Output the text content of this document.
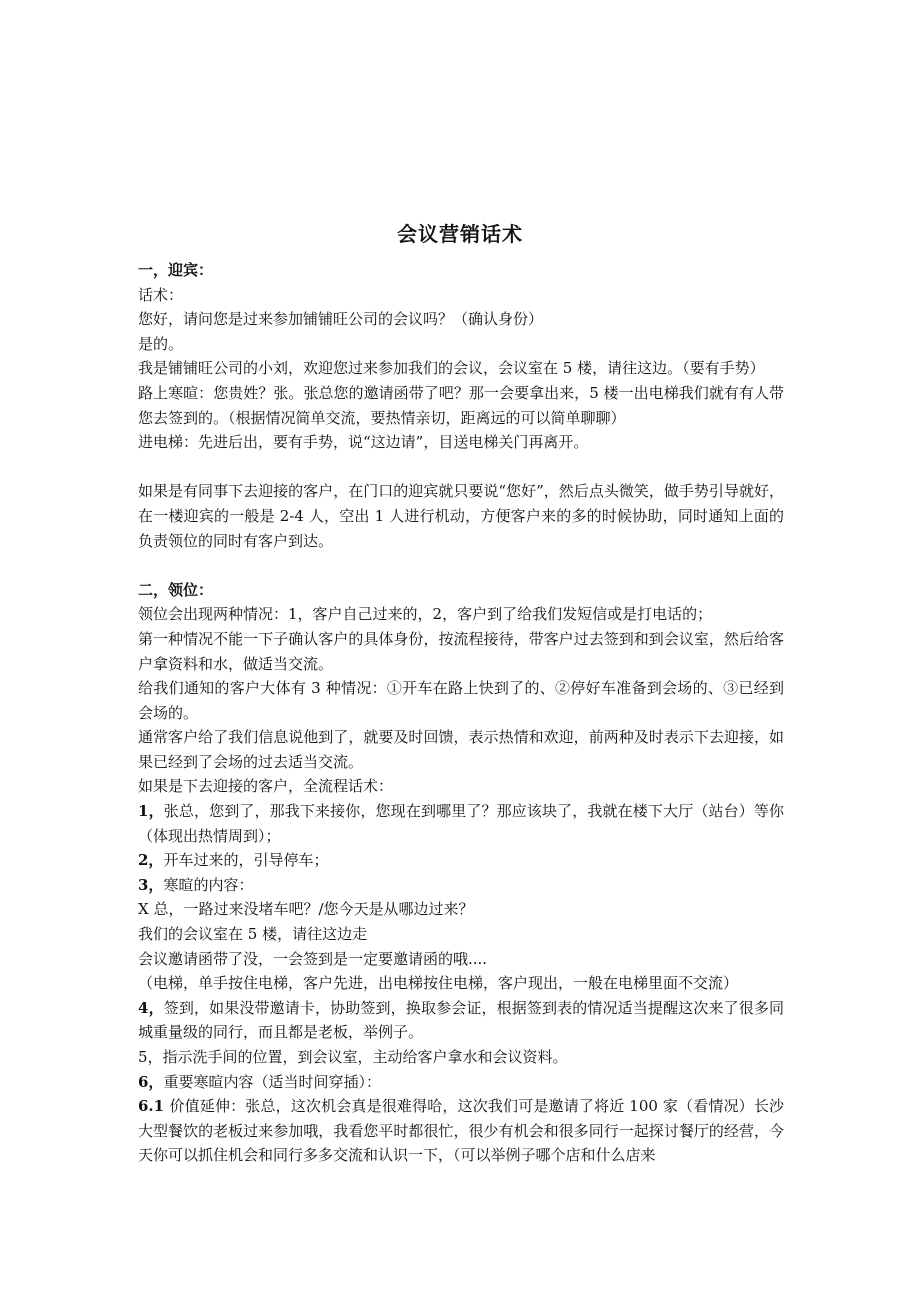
会议营销话术

一，迎宾：

话术：

您好，请问您是过来参加铺铺旺公司的会议吗？（确认身份）

是的。

我是铺铺旺公司的小刘，欢迎您过来参加我们的会议，会议室在 5 楼，请往这边。（要有手势）

路上寒暄：您贵姓？张。张总您的邀请函带了吧？那一会要拿出来，5 楼一出电梯我们就有有人带您去签到的。（根据情况简单交流，要热情亲切，距离远的可以简单聊聊）

进电梯：先进后出，要有手势，说“这边请”，目送电梯关门再离开。

如果是有同事下去迎接的客户，在门口的迎宾就只要说“您好”，然后点头微笑，做手势引导就好，在一楼迎宾的一般是 2-4 人，空出 1 人进行机动，方便客户来的多的时候协助，同时通知上面的负责领位的同时有客户到达。

二，领位：

领位会出现两种情况：1，客户自己过来的，2，客户到了给我们发短信或是打电话的；

第一种情况不能一下子确认客户的具体身份，按流程接待，带客户过去签到和到会议室，然后给客户拿资料和水，做适当交流。

给我们通知的客户大体有 3 种情况：①开车在路上快到了的、②停好车准备到会场的、③已经到会场的。

通常客户给了我们信息说他到了，就要及时回馈，表示热情和欢迎，前两种及时表示下去迎接，如果已经到了会场的过去适当交流。

如果是下去迎接的客户，全流程话术：

1，张总，您到了，那我下来接你，您现在到哪里了？那应该块了，我就在楼下大厅（站台）等你（体现出热情周到）；

2，开车过来的，引导停车；

3，寒暄的内容：

X 总，一路过来没堵车吧？/您今天是从哪边过来？

我们的会议室在 5 楼，请往这边走

会议邀请函带了没，一会签到是一定要邀请函的哦....

（电梯，单手按住电梯，客户先进，出电梯按住电梯，客户现出，一般在电梯里面不交流）

4，签到，如果没带邀请卡，协助签到，换取参会证，根据签到表的情况适当提醒这次来了很多同城重量级的同行，而且都是老板，举例子。

5，指示洗手间的位置，到会议室，主动给客户拿水和会议资料。

6，重要寒暄内容（适当时间穿插）：

6.1 价值延伸：张总，这次机会真是很难得哈，这次我们可是邀请了将近 100 家（看情况）长沙大型餐饮的老板过来参加哦，我看您平时都很忙，很少有机会和很多同行一起探讨餐厅的经营，今天你可以抓住机会和同行多多交流和认识一下，（可以举例子哪个店和什么店来
